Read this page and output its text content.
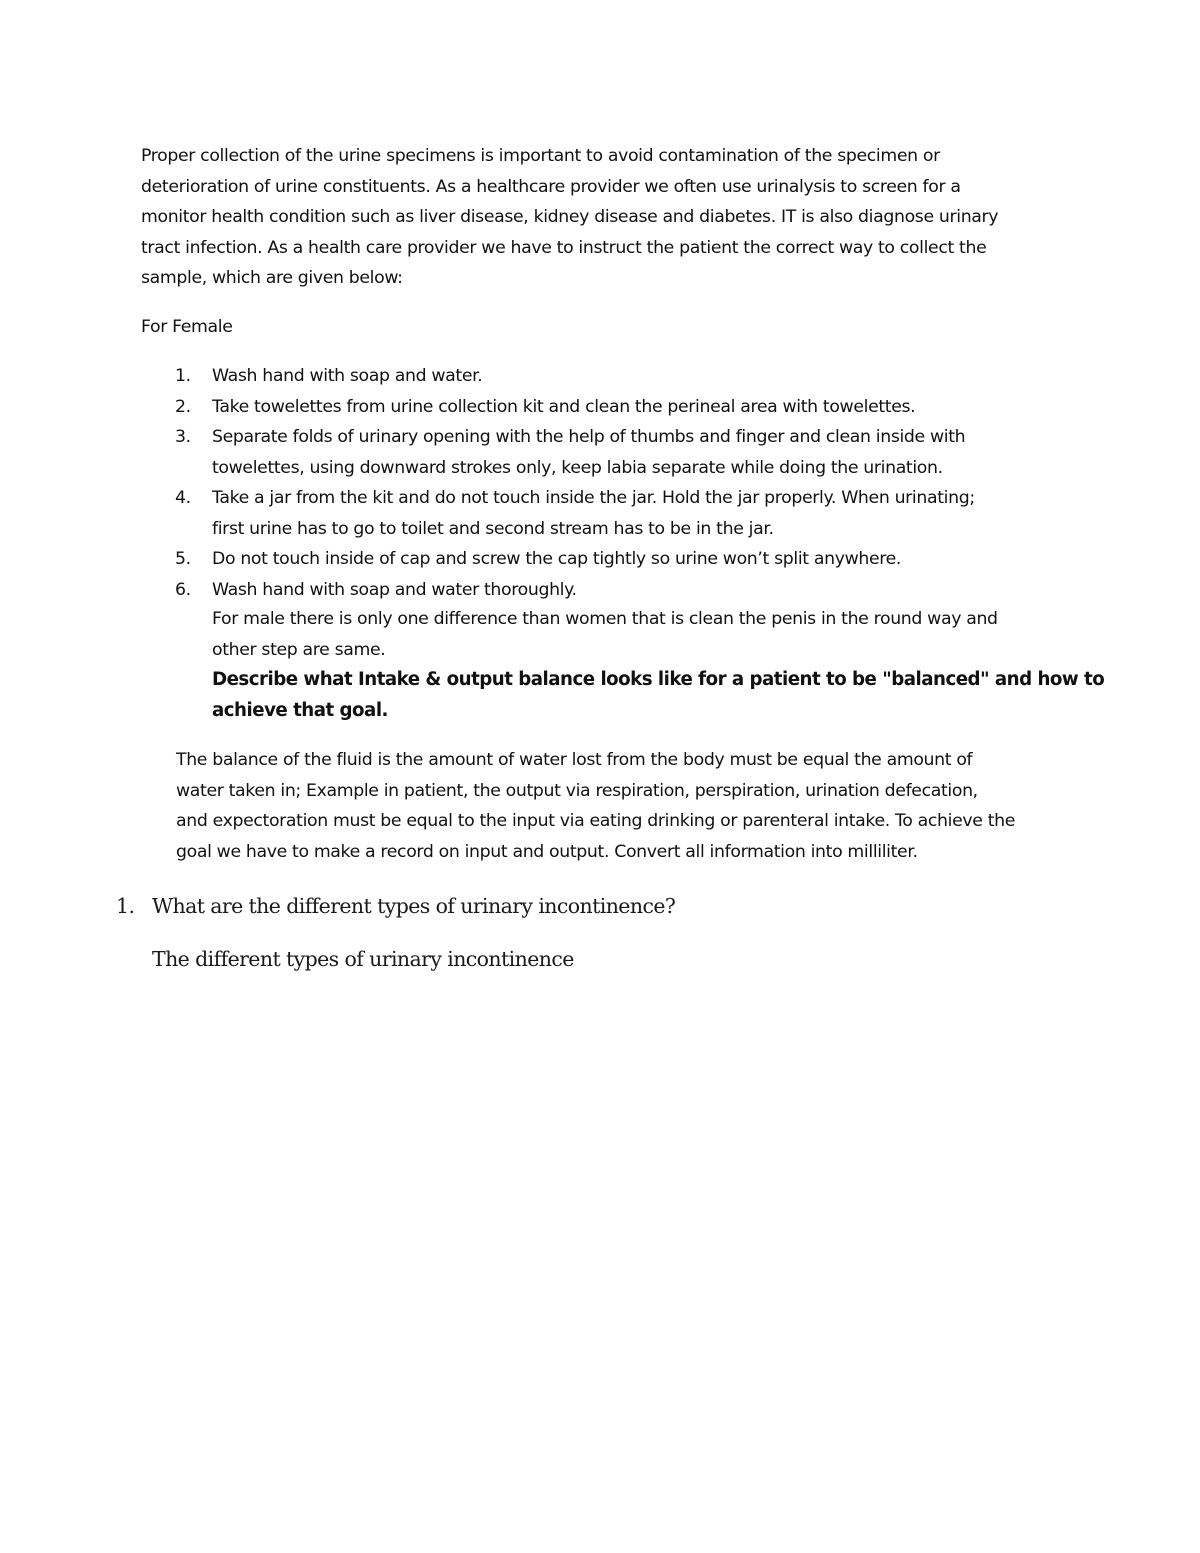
Proper collection of the urine specimens is important to avoid contamination of the specimen or
deterioration of urine constituents. As a healthcare provider we often use urinalysis to screen for a
monitor health condition such as liver disease, kidney disease and diabetes. IT is also diagnose urinary
tract infection. As a health care provider we have to instruct the patient the correct way to collect the
sample, which are given below:
For Female
1. Wash hand with soap and water.
2. Take towelettes from urine collection kit and clean the perineal area with towelettes.
3. Separate folds of urinary opening with the help of thumbs and finger and clean inside with
towelettes, using downward strokes only, keep labia separate while doing the urination.
4. Take a jar from the kit and do not touch inside the jar. Hold the jar properly. When urinating;
first urine has to go to toilet and second stream has to be in the jar.
5. Do not touch inside of cap and screw the cap tightly so urine won’t split anywhere.
6. Wash hand with soap and water thoroughly.
For male there is only one difference than women that is clean the penis in the round way and
other step are same.
Describe what Intake & output balance looks like for a patient to be "balanced" and how to
achieve that goal.
The balance of the fluid is the amount of water lost from the body must be equal the amount of
water taken in; Example in patient, the output via respiration, perspiration, urination defecation,
and expectoration must be equal to the input via eating drinking or parenteral intake. To achieve the
goal we have to make a record on input and output. Convert all information into milliliter.
1. What are the different types of urinary incontinence?
The different types of urinary incontinence
